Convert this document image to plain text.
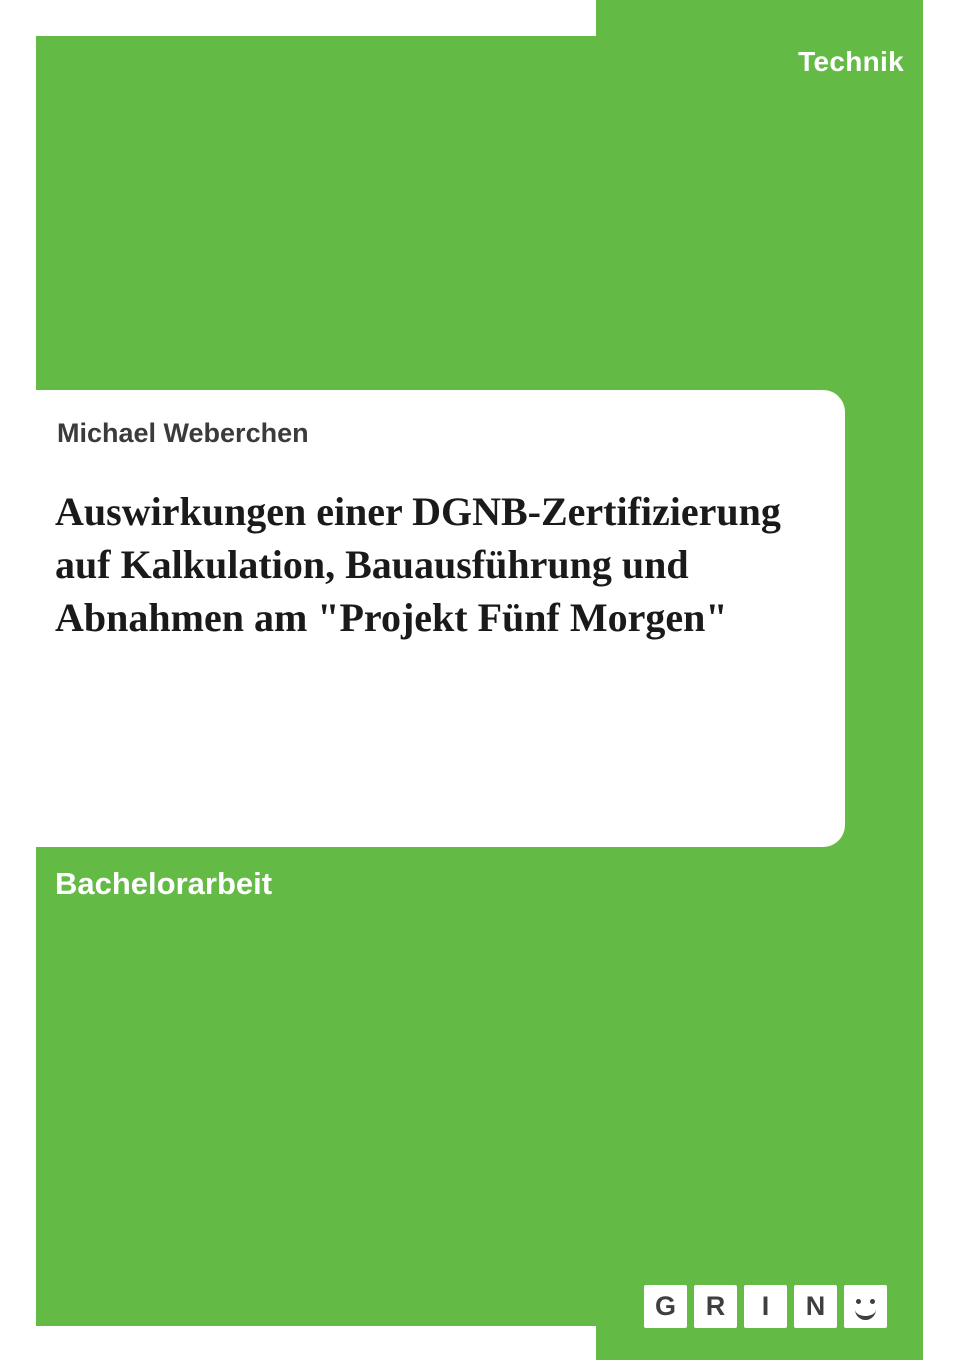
Technik
Michael Weberchen
Auswirkungen einer DGNB-Zertifizierung auf Kalkulation, Bauausführung und Abnahmen am "Projekt Fünf Morgen"
Bachelorarbeit
G	R	I	N
